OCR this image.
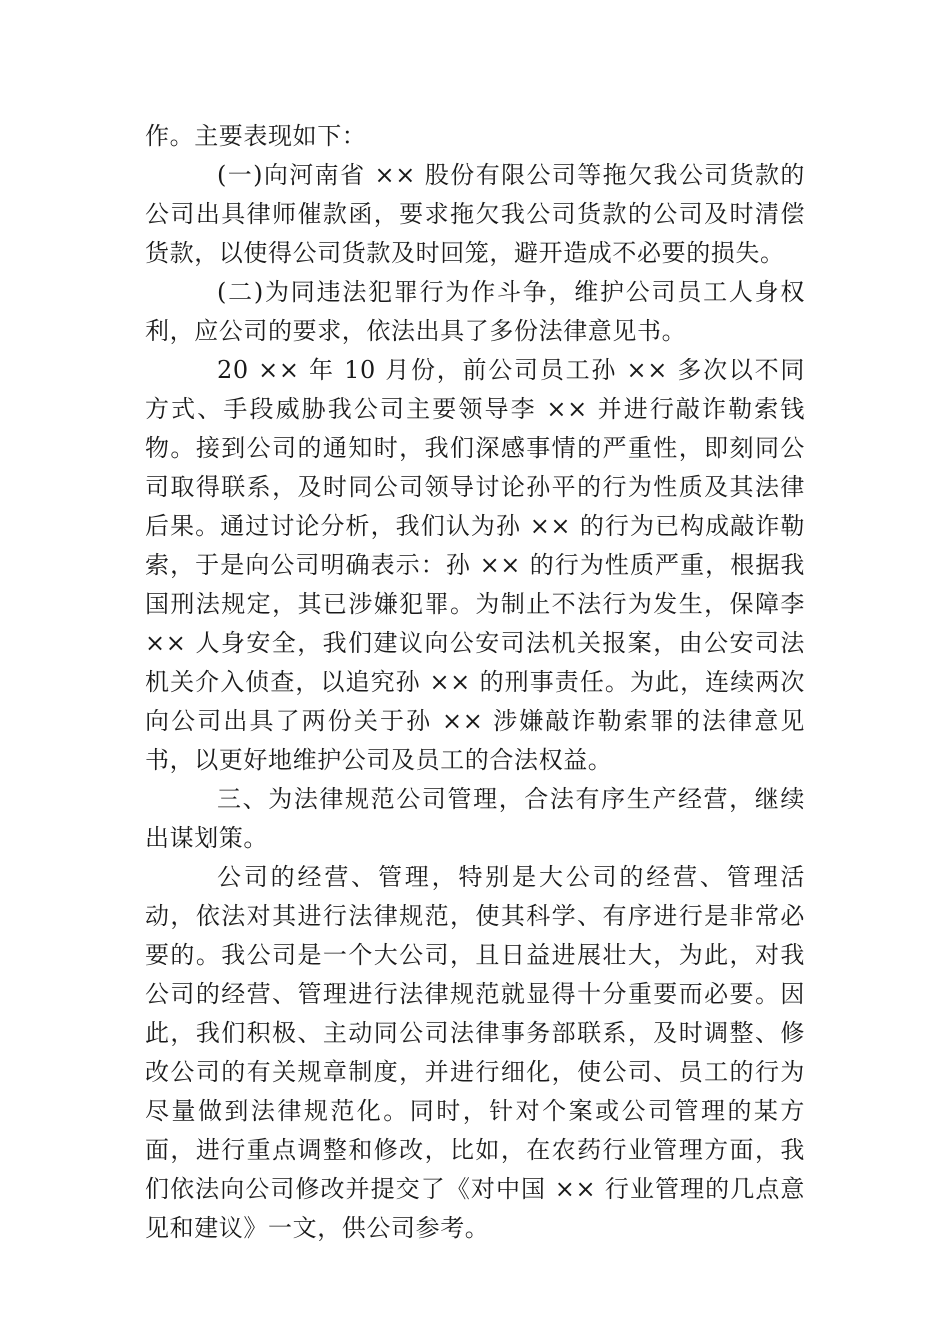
作。主要表现如下：

(一)向河南省 ×× 股份有限公司等拖欠我公司货款的公司出具律师催款函，要求拖欠我公司货款的公司及时清偿货款，以使得公司货款及时回笼，避开造成不必要的损失。

(二)为同违法犯罪行为作斗争，维护公司员工人身权利，应公司的要求，依法出具了多份法律意见书。

20 ×× 年 10 月份，前公司员工孙 ×× 多次以不同方式、手段威胁我公司主要领导李 ×× 并进行敲诈勒索钱物。接到公司的通知时，我们深感事情的严重性，即刻同公司取得联系，及时同公司领导讨论孙平的行为性质及其法律后果。通过讨论分析，我们认为孙 ×× 的行为已构成敲诈勒索，于是向公司明确表示：孙 ×× 的行为性质严重，根据我国刑法规定，其已涉嫌犯罪。为制止不法行为发生，保障李 ×× 人身安全，我们建议向公安司法机关报案，由公安司法机关介入侦查，以追究孙 ×× 的刑事责任。为此，连续两次向公司出具了两份关于孙 ×× 涉嫌敲诈勒索罪的法律意见书，以更好地维护公司及员工的合法权益。

三、为法律规范公司管理，合法有序生产经营，继续出谋划策。

公司的经营、管理，特别是大公司的经营、管理活动，依法对其进行法律规范，使其科学、有序进行是非常必要的。我公司是一个大公司，且日益进展壮大，为此，对我公司的经营、管理进行法律规范就显得十分重要而必要。因此，我们积极、主动同公司法律事务部联系，及时调整、修改公司的有关规章制度，并进行细化，使公司、员工的行为尽量做到法律规范化。同时，针对个案或公司管理的某方面，进行重点调整和修改，比如，在农药行业管理方面，我们依法向公司修改并提交了《对中国 ×× 行业管理的几点意见和建议》一文，供公司参考。
